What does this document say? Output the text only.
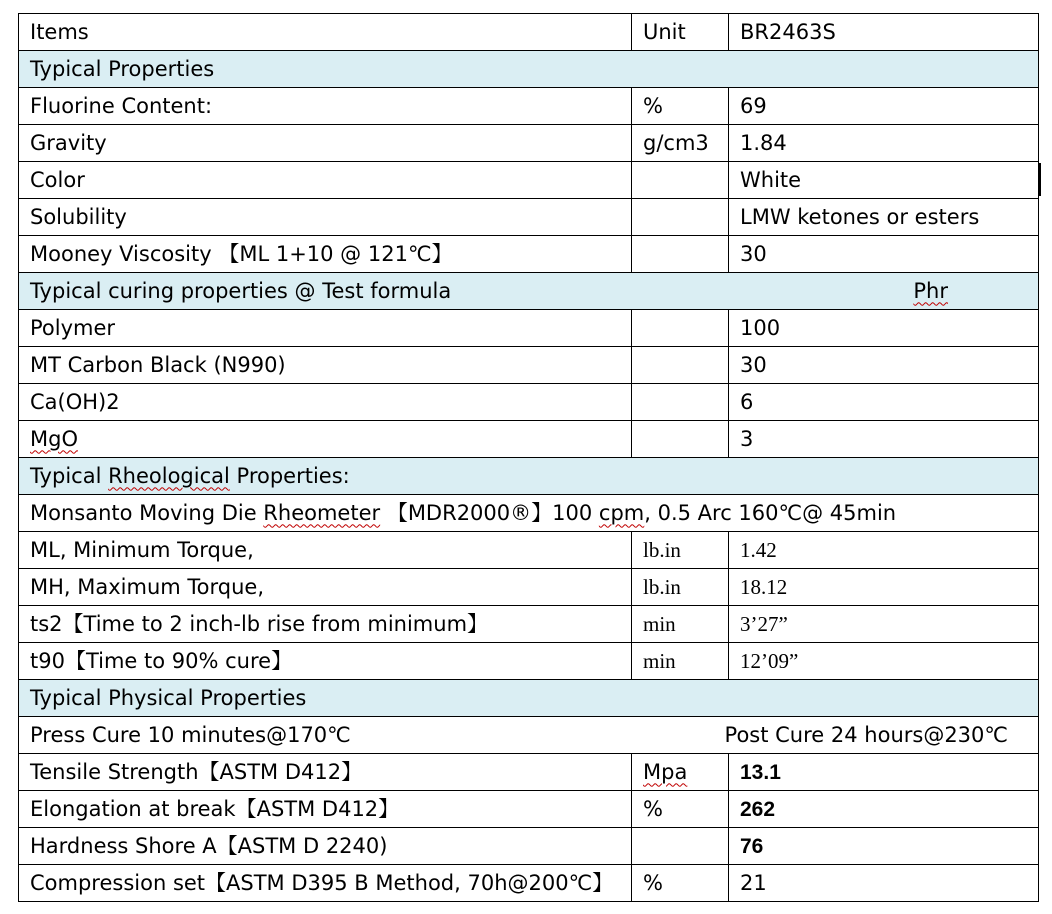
Items	Unit	BR2463S
Typical Properties		
Fluorine Content:	%	69
Gravity	g/cm3	1.84
Color		White
Solubility		LMW ketones or esters
Mooney Viscosity 【ML 1+10 @ 121℃】		30
Typical curing properties @ Test formula Phr		

Polymer		100
MT Carbon Black (N990)		30
Ca(OH)2		6
MgO		3
Typical Rheological Properties:		
Monsanto Moving Die Rheometer 【MDR2000®】100 cpm, 0.5 Arc 160℃@ 45min		
ML, Minimum Torque,	lb.in	1.42
MH, Maximum Torque,	lb.in	18.12
ts2【Time to 2 inch-lb rise from minimum】	min	3’27”
t90【Time to 90% cure】	min	12’09”
Typical Physical Properties		
Press Cure 10 minutes@170℃ Post Cure 24 hours@230℃		

Tensile Strength【ASTM D412】	Mpa	13.1
Elongation at break【ASTM D412】	%	262
Hardness Shore A【ASTM D 2240)		76
Compression set【ASTM D395 B Method, 70h@200℃】	%	21
